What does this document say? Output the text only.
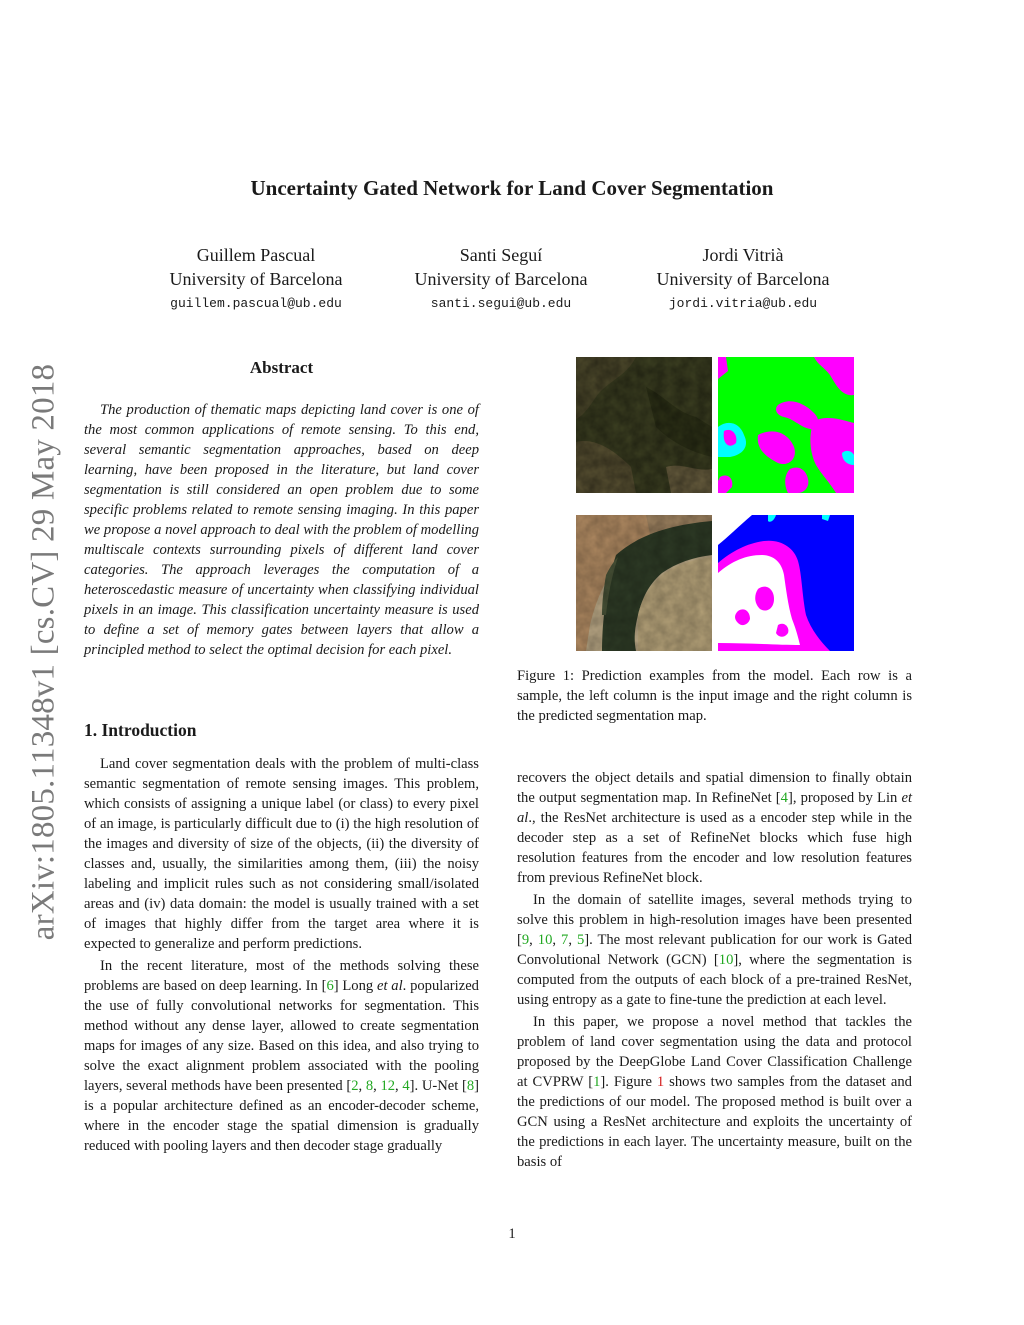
arXiv:1805.11348v1 [cs.CV] 29 May 2018
Uncertainty Gated Network for Land Cover Segmentation
Guillem Pascual
University of Barcelona
guillem.pascual@ub.edu
Santi Seguí
University of Barcelona
santi.segui@ub.edu
Jordi Vitrià
University of Barcelona
jordi.vitria@ub.edu
Abstract

The production of thematic maps depicting land cover is one of the most common applications of remote sensing. To this end, several semantic segmentation approaches, based on deep learning, have been proposed in the literature, but land cover segmentation is still considered an open problem due to some specific problems related to remote sensing imaging. In this paper we propose a novel approach to deal with the problem of modelling multiscale contexts surrounding pixels of different land cover categories. The approach leverages the computation of a heteroscedastic measure of uncertainty when classifying individual pixels in an image. This classification uncertainty measure is used to define a set of memory gates between layers that allow a principled method to select the optimal decision for each pixel.

1. Introduction

Land cover segmentation deals with the problem of multi-class semantic segmentation of remote sensing images. This problem, which consists of assigning a unique label (or class) to every pixel of an image, is particularly difficult due to (i) the high resolution of the images and diversity of size of the objects, (ii) the diversity of classes and, usually, the similarities among them, (iii) the noisy labeling and implicit rules such as not considering small/isolated areas and (iv) data domain: the model is usually trained with a set of images that highly differ from the target area where it is expected to generalize and perform predictions.

In the recent literature, most of the methods solving these problems are based on deep learning. In [6] Long et al. popularized the use of fully convolutional networks for segmentation. This method without any dense layer, allowed to create segmentation maps for images of any size. Based on this idea, and also trying to solve the exact alignment problem associated with the pooling layers, several methods have been presented [2, 8, 12, 4]. U-Net [8] is a popular architecture defined as an encoder-decoder scheme, where in the encoder stage the spatial dimension is gradually reduced with pooling layers and then decoder stage gradually

Figure 1: Prediction examples from the model. Each row is a sample, the left column is the input image and the right column is the predicted segmentation map.

recovers the object details and spatial dimension to finally obtain the output segmentation map. In RefineNet [4], proposed by Lin et al., the ResNet architecture is used as a encoder step while in the decoder step as a set of RefineNet blocks which fuse high resolution features from the encoder and low resolution features from previous RefineNet block.

In the domain of satellite images, several methods trying to solve this problem in high-resolution images have been presented [9, 10, 7, 5]. The most relevant publication for our work is Gated Convolutional Network (GCN) [10], where the segmentation is computed from the outputs of each block of a pre-trained ResNet, using entropy as a gate to fine-tune the prediction at each level.

In this paper, we propose a novel method that tackles the problem of land cover segmentation using the data and protocol proposed by the DeepGlobe Land Cover Classification Challenge at CVPRW [1]. Figure 1 shows two samples from the dataset and the predictions of our model. The proposed method is built over a GCN using a ResNet architecture and exploits the uncertainty of the predictions in each layer. The uncertainty measure, built on the basis of

1
